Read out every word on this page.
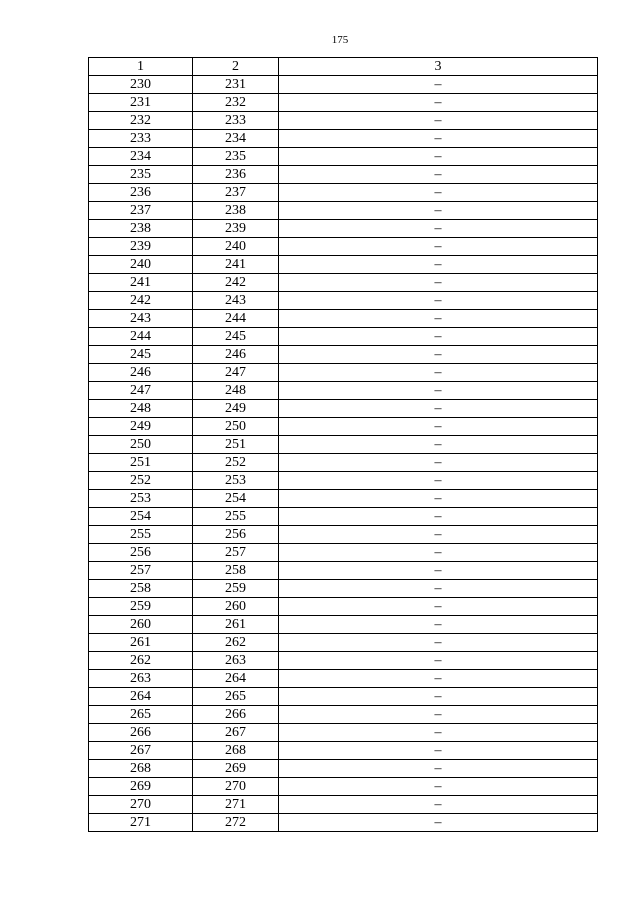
175
1	2	3
230	231	–
231	232	–
232	233	–
233	234	–
234	235	–
235	236	–
236	237	–
237	238	–
238	239	–
239	240	–
240	241	–
241	242	–
242	243	–
243	244	–
244	245	–
245	246	–
246	247	–
247	248	–
248	249	–
249	250	–
250	251	–
251	252	–
252	253	–
253	254	–
254	255	–
255	256	–
256	257	–
257	258	–
258	259	–
259	260	–
260	261	–
261	262	–
262	263	–
263	264	–
264	265	–
265	266	–
266	267	–
267	268	–
268	269	–
269	270	–
270	271	–
271	272	–
